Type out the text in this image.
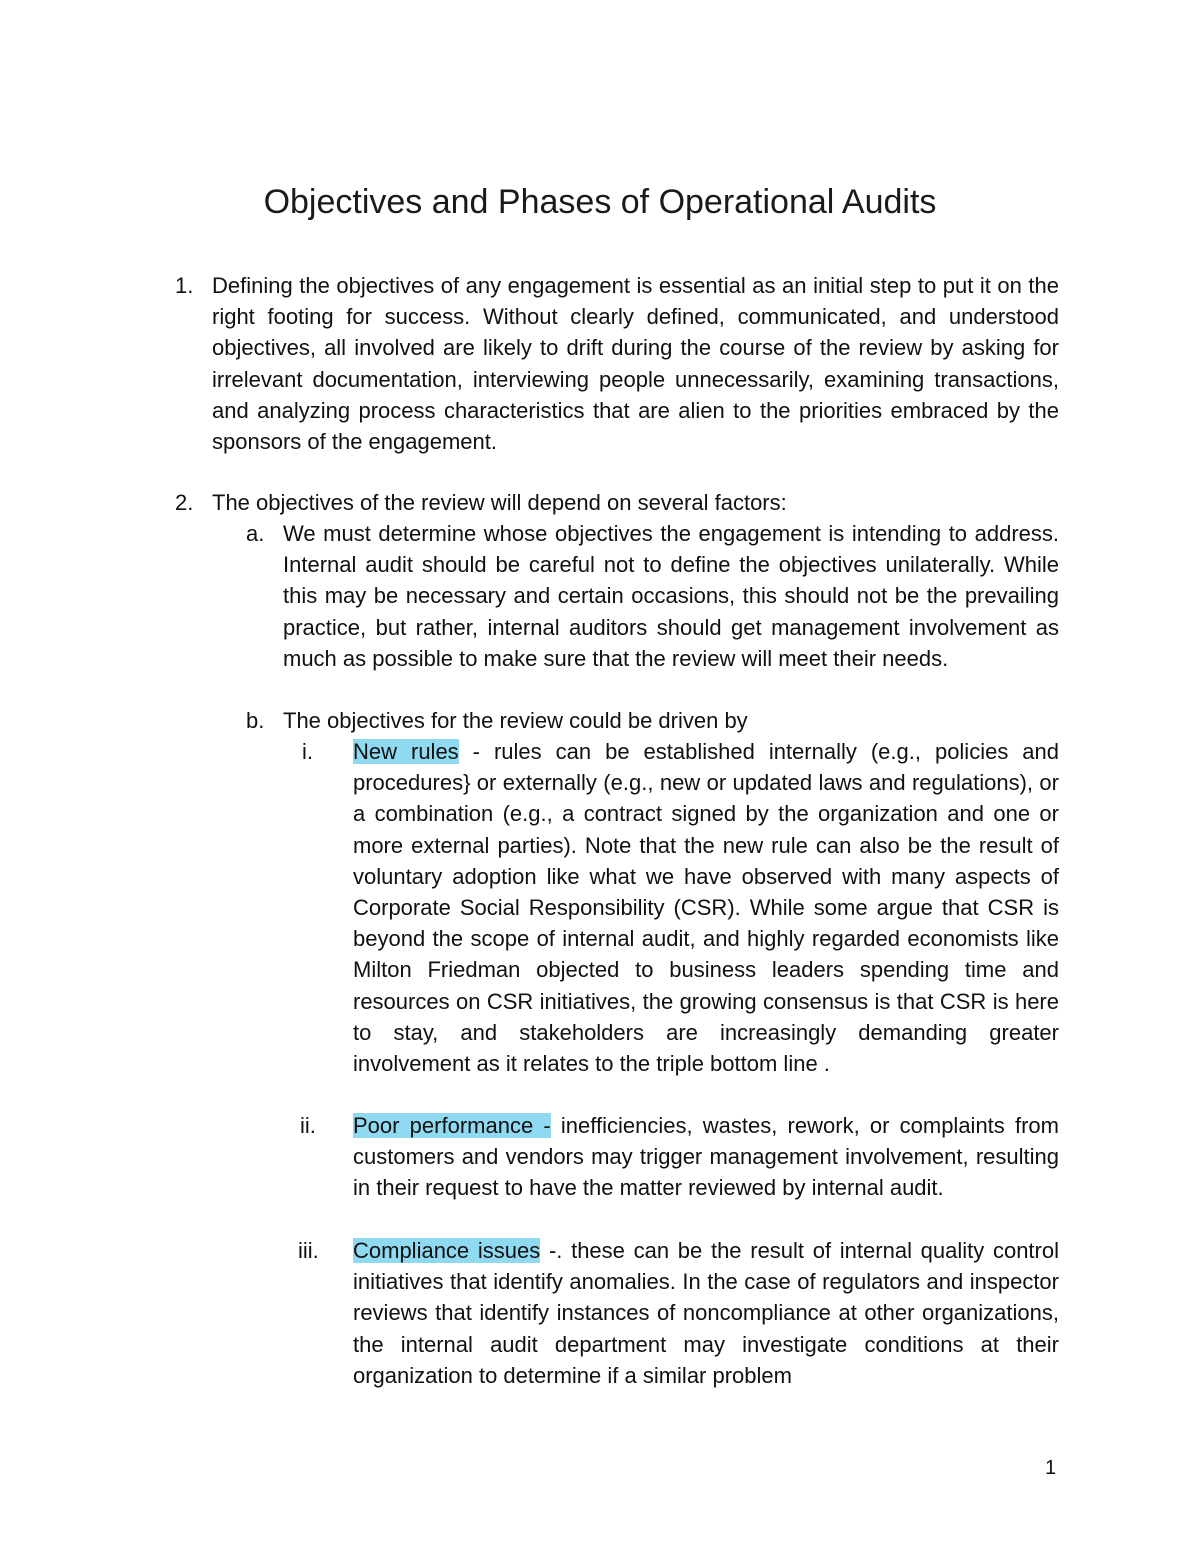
Objectives and Phases of Operational Audits
1. Defining the objectives of any engagement is essential as an initial step to put it on the right footing for success. Without clearly defined, communicated, and understood objectives, all involved are likely to drift during the course of the review by asking for irrelevant documentation, interviewing people unnecessarily, examining transactions, and analyzing process characteristics that are alien to the priorities embraced by the sponsors of the engagement.

2. The objectives of the review will depend on several factors:

a. We must determine whose objectives the engagement is intending to address. Internal audit should be careful not to define the objectives unilaterally. While this may be necessary and certain occasions, this should not be the prevailing practice, but rather, internal auditors should get management involvement as much as possible to make sure that the review will meet their needs.

b. The objectives for the review could be driven by

i. New rules - rules can be established internally (e.g., policies and procedures} or externally (e.g., new or updated laws and regulations), or a combination (e.g., a contract signed by the organization and one or more external parties). Note that the new rule can also be the result of voluntary adoption like what we have observed with many aspects of Corporate Social Responsibility (CSR). While some argue that CSR is beyond the scope of internal audit, and highly regarded economists like Milton Friedman objected to business leaders spending time and resources on CSR initiatives, the growing consensus is that CSR is here to stay, and stakeholders are increasingly demanding greater involvement as it relates to the triple bottom line .

ii. Poor performance - inefficiencies, wastes, rework, or complaints from customers and vendors may trigger management involvement, resulting in their request to have the matter reviewed by internal audit.

iii. Compliance issues -. these can be the result of internal quality control initiatives that identify anomalies. In the case of regulators and inspector reviews that identify instances of noncompliance at other organizations, the internal audit department may investigate conditions at their organization to determine if a similar problem

1
